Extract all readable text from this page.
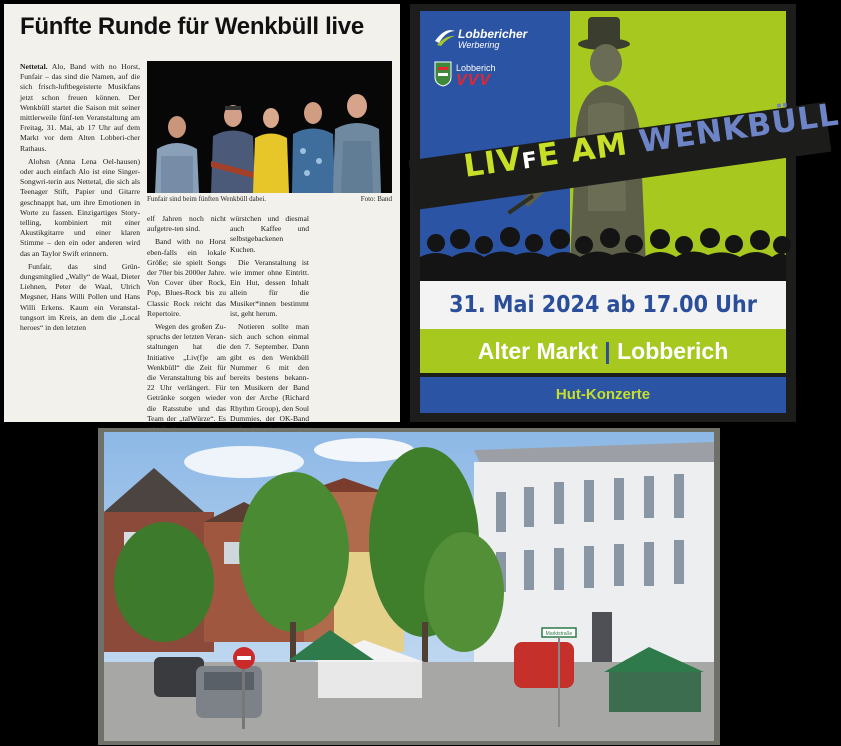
Fünfte Runde für Wenkbüll live

Nettetal. Alo, Band with no Horst, Funfair – das sind die Namen, auf die sich frisch-luftbegeisterte Musikfans jetzt schon freuen können. Der Wenkbüll startet die Saison mit seiner mittlerweile fünf-ten Veranstaltung am Freitag, 31. Mai, ab 17 Uhr auf dem Markt vor dem Alten Lobberi-cher Rathaus.

Alohsn (Anna Lena Oel-hausen) oder auch einfach Alo ist eine Singer-Songwri-terin aus Nettetal, die sich als Teenager Stift, Papier und Gitarre geschnappt hat, um ihre Emotionen in Worte zu fassen. Einzigartiges Story-telling, kombiniert mit einer Akustikgitarre und einer klaren Stimme – den ein oder anderen wird das an Taylor Swift erinnern.

Funfair, das sind Grün-dungsmitglied „Wally“ de Waal, Dieter Liehnen, Peter de Waal, Ulrich Megsner, Hans Willi Pollen und Hans Willi Erkens. Kaum ein Veranstal-tungsort im Kreis, an dem die „Local heroes“ in den letzten

Funfair sind beim fünften Wenkbüll dabei.	Foto: Band

elf Jahren noch nicht aufgetre-ten sind.

Band with no Horst eben-falls ein lokale Größe; sie spielt Songs der 70er bis 2000er Jahre. Von Cover über Rock, Pop, Blues-Rock bis zu Classic Rock reicht das Repertoire.

Wegen des großen Zu-spruchs der letzten Veran-staltungen hat die Initiative „Liv(f)e am Wenkbüll“ die Zeit für die Veranstaltung bis auf 22 Uhr verlängert. Für Getränke sorgen wieder die Ratsstube und das Team der „talWürze“. Es

würstchen und diesmal auch Kaffee und selbstgebackenen Kuchen.

Die Veranstaltung ist wie immer ohne Eintritt. Ein Hut, dessen Inhalt allein für die Musiker*innen bestimmt ist, geht herum.

Notieren sollte man sich auch schon einmal den 7. September. Dann gibt es den Wenkbüll Nummer 6 mit den bereits bestens bekann-ten Musikern der Band von der Arche (Richard Rhythm Group), den Soul Dummies, der OK-Band

Lobbericher
Werbering
Lobberich
VVV
LIVFE AM WENKBÜLL
31. Mai 2024 ab 17.00 Uhr
Alter Markt | Lobberich
Hut-Konzerte
Marktstraße
